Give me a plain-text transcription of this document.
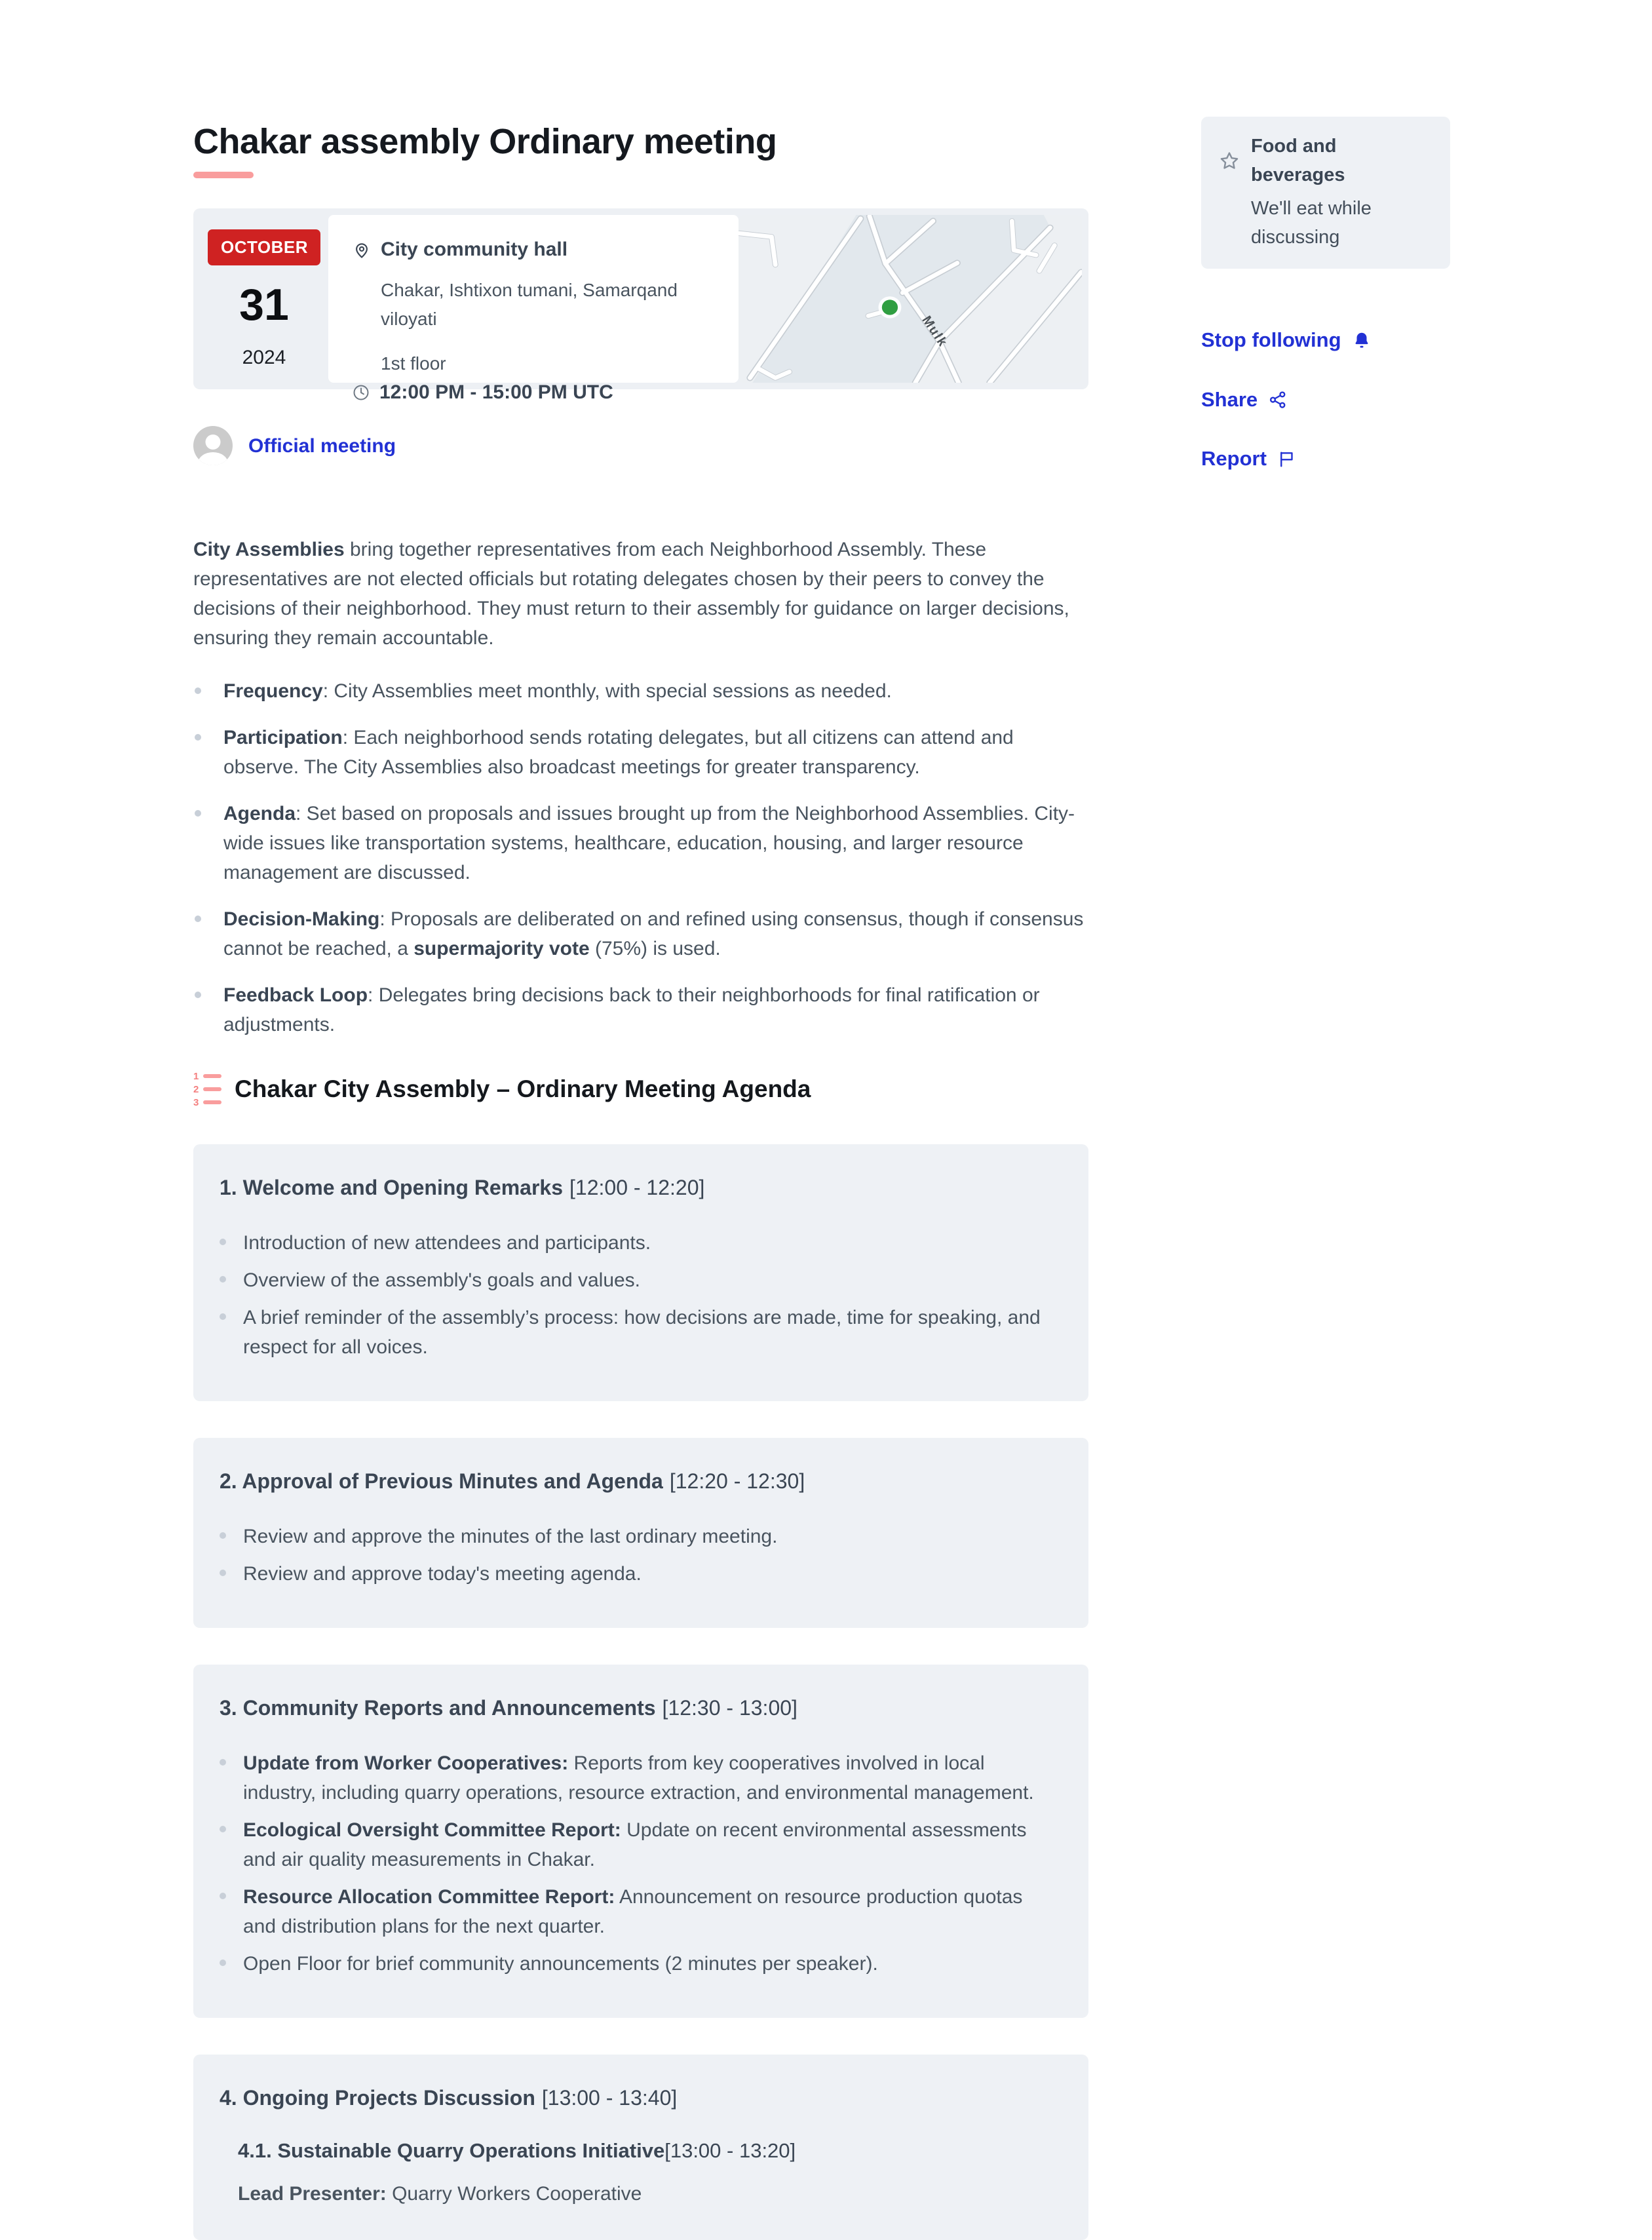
Chakar assembly Ordinary meeting
OCTOBER
31
2024
City community hall
Chakar, Ishtixon tumani, Samarqand viloyati
1st floor
12:00 PM - 15:00 PM UTC
Mulk
Official meeting

City Assemblies bring together representatives from each Neighborhood Assembly. These representatives are not elected officials but rotating delegates chosen by their peers to convey the decisions of their neighborhood. They must return to their assembly for guidance on larger decisions, ensuring they remain accountable.

Frequency: City Assemblies meet monthly, with special sessions as needed.
Participation: Each neighborhood sends rotating delegates, but all citizens can attend and observe. The City Assemblies also broadcast meetings for greater transparency.
Agenda: Set based on proposals and issues brought up from the Neighborhood Assemblies. City-wide issues like transportation systems, healthcare, education, housing, and larger resource management are discussed.
Decision-Making: Proposals are deliberated on and refined using consensus, though if consensus cannot be reached, a supermajority vote (75%) is used.
Feedback Loop: Delegates bring decisions back to their neighborhoods for final ratification or adjustments.
1
2
3 Chakar City Assembly – Ordinary Meeting Agenda
1. Welcome and Opening Remarks [12:00 - 12:20]
Introduction of new attendees and participants.
Overview of the assembly's goals and values.
A brief reminder of the assembly’s process: how decisions are made, time for speaking, and respect for all voices.
2. Approval of Previous Minutes and Agenda [12:20 - 12:30]
Review and approve the minutes of the last ordinary meeting.
Review and approve today's meeting agenda.
3. Community Reports and Announcements [12:30 - 13:00]
Update from Worker Cooperatives: Reports from key cooperatives involved in local industry, including quarry operations, resource extraction, and environmental management.
Ecological Oversight Committee Report: Update on recent environmental assessments and air quality measurements in Chakar.
Resource Allocation Committee Report: Announcement on resource production quotas and distribution plans for the next quarter.
Open Floor for brief community announcements (2 minutes per speaker).
4. Ongoing Projects Discussion [13:00 - 13:40]
4.1. Sustainable Quarry Operations Initiative[13:00 - 13:20]
Lead Presenter: Quarry Workers Cooperative
Food and beverages
We'll eat while discussing
Stop following
Share
Report
